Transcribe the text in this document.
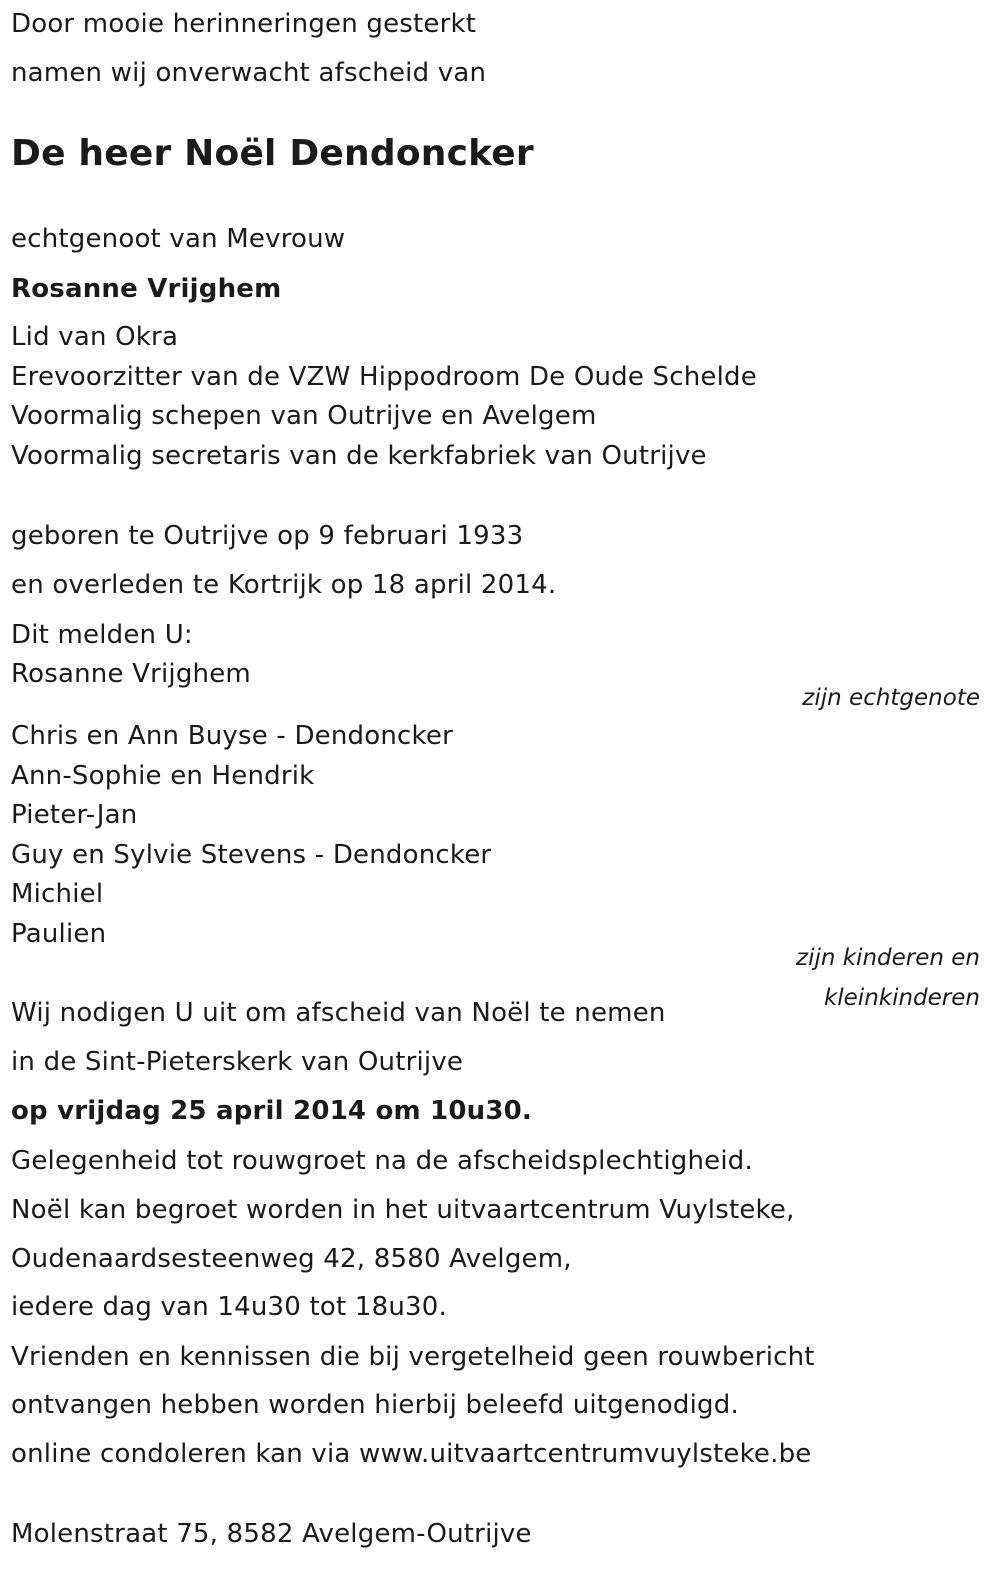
Door mooie herinneringen gesterkt
namen wij onverwacht afscheid van
De heer Noël Dendoncker
echtgenoot van Mevrouw
Rosanne Vrijghem
Lid van Okra
Erevoorzitter van de VZW Hippodroom De Oude Schelde
Voormalig schepen van Outrijve en Avelgem
Voormalig secretaris van de kerkfabriek van Outrijve
geboren te Outrijve op 9 februari 1933
en overleden te Kortrijk op 18 april 2014.
Dit melden U:
Rosanne Vrijghem
zijn echtgenote
Chris en Ann Buyse - Dendoncker
Ann-Sophie en Hendrik
Pieter-Jan
Guy en Sylvie Stevens - Dendoncker
Michiel
Paulien
zijn kinderen en
kleinkinderen
Wij nodigen U uit om afscheid van Noël te nemen
in de Sint-Pieterskerk van Outrijve
op vrijdag 25 april 2014 om 10u30.
Gelegenheid tot rouwgroet na de afscheidsplechtigheid.
Noël kan begroet worden in het uitvaartcentrum Vuylsteke,
Oudenaardsesteenweg 42, 8580 Avelgem,
iedere dag van 14u30 tot 18u30.
Vrienden en kennissen die bij vergetelheid geen rouwbericht
ontvangen hebben worden hierbij beleefd uitgenodigd.
online condoleren kan via www.uitvaartcentrumvuylsteke.be
Molenstraat 75, 8582 Avelgem-Outrijve
